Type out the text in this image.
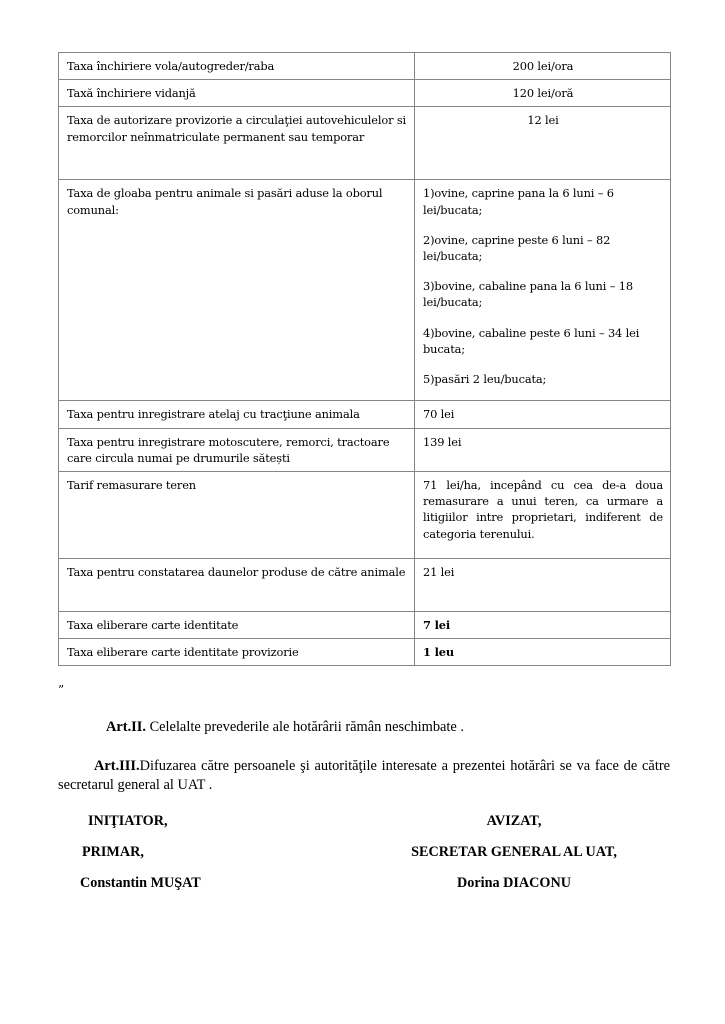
Taxa închiriere vola/autogreder/raba	200 lei/ora
Taxă închiriere vidanjă	120 lei/oră
Taxa de autorizare provizorie a circulaţiei autovehiculelor si remorcilor neînmatriculate permanent sau temporar	12 lei
Taxa de gloaba pentru animale si pasări aduse la oborul comunal:	1)ovine, caprine pana la 6 luni – 6 lei/bucata;
2)ovine, caprine peste 6 luni – 82 lei/bucata;
3)bovine, cabaline pana la 6 luni – 18 lei/bucata;
4)bovine, cabaline peste 6 luni – 34 lei bucata;
5)pasări 2 leu/bucata;

Taxa pentru inregistrare atelaj cu tracţiune animala	70 lei
Taxa pentru inregistrare motoscutere, remorci, tractoare care circula numai pe drumurile sătești	139 lei
Tarif remasurare teren	71 lei/ha, incepând cu cea de-a doua remasurare a unui teren, ca urmare a litigiilor intre proprietari, indiferent de categoria terenului.
Taxa pentru constatarea daunelor produse de către animale	21 lei
Taxa eliberare carte identitate	7 lei
Taxa eliberare carte identitate provizorie	1 leu
”
Art.II. Celelalte prevederile ale hotărârii rămân neschimbate .
Art.III.Difuzarea către persoanele şi autorităţile interesate a prezentei hotărâri se va face de către secretarul general al UAT .
INIŢIATOR,	AVIZAT,
PRIMAR,	SECRETAR GENERAL AL UAT,
Constantin MUŞAT	Dorina DIACONU
